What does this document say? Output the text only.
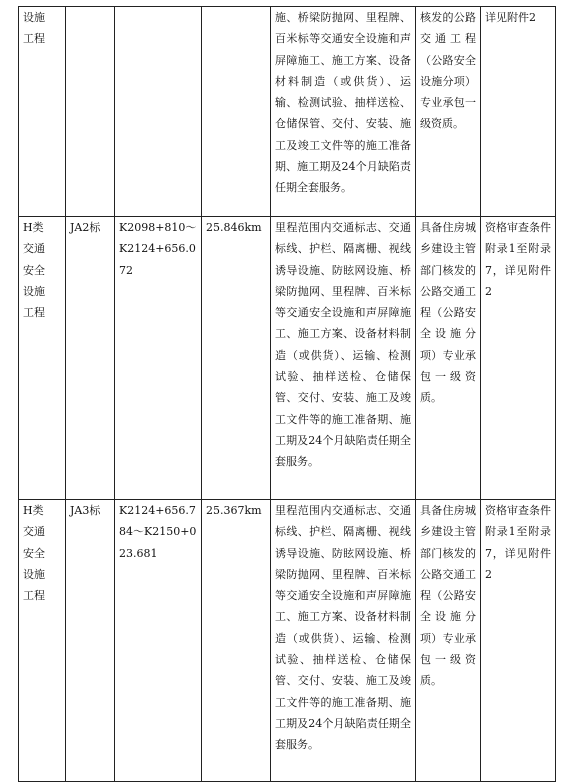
设施
工程				施、桥梁防抛网、里程牌、百米标等交通安全设施和声屏障施工、施工方案、设备材料制造（或供货）、运输、检测试验、抽样送检、仓储保管、交付、安装、施工及竣工文件等的施工准备期、施工期及24个月缺陷责任期全套服务。	核发的公路交通工程（公路安全设施分项）专业承包一级资质。	详见附件2

H类
交通
安全
设施
工程	JA2标	K2098+810～K2124+656.072	25.846km	里程范围内交通标志、交通标线、护栏、隔离栅、视线诱导设施、防眩网设施、桥梁防抛网、里程牌、百米标等交通安全设施和声屏障施工、施工方案、设备材料制造（或供货）、运输、检测试验、抽样送检、仓储保管、交付、安装、施工及竣工文件等的施工准备期、施工期及24个月缺陷责任期全套服务。	具备住房城乡建设主管部门核发的公路交通工程（公路安全设施分项）专业承包一级资质。	资格审查条件附录1至附录7，详见附件2

H类
交通
安全
设施
工程	JA3标	K2124+656.784～K2150+023.681	25.367km	里程范围内交通标志、交通标线、护栏、隔离栅、视线诱导设施、防眩网设施、桥梁防抛网、里程牌、百米标等交通安全设施和声屏障施工、施工方案、设备材料制造（或供货）、运输、检测试验、抽样送检、仓储保管、交付、安装、施工及竣工文件等的施工准备期、施工期及24个月缺陷责任期全套服务。	具备住房城乡建设主管部门核发的公路交通工程（公路安全设施分项）专业承包一级资质。	资格审查条件附录1至附录7，详见附件2
